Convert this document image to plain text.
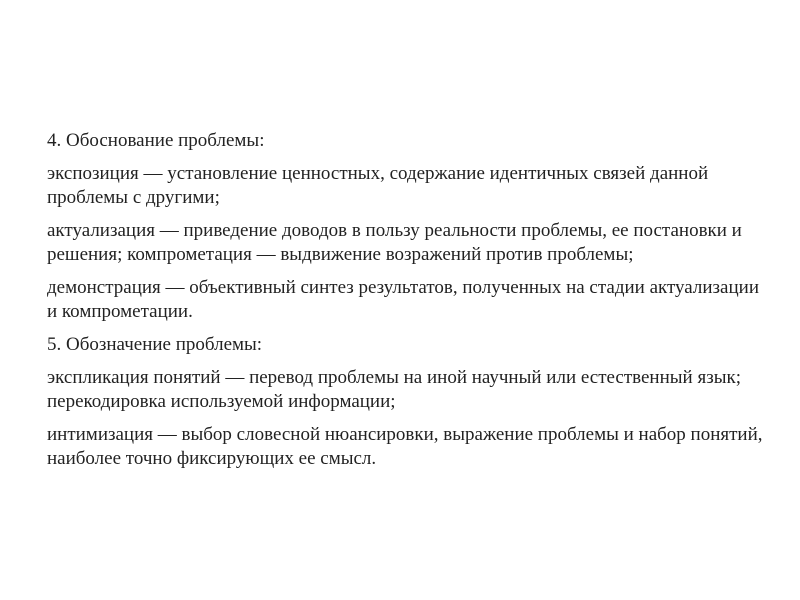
4. Обоснование проблемы:

экспозиция — установление ценностных, содержание идентичных связей данной проблемы с другими;

актуализация — приведение доводов в пользу реальности проблемы, ее постановки и решения; компрометация — выдвижение возражений против проблемы;

демонстрация — объективный синтез результатов, полученных на стадии актуализации и компрометации.

5. Обозначение проблемы:

экспликация понятий — перевод проблемы на иной научный или естественный язык; перекодировка используемой информации;

интимизация — выбор словесной нюансировки, выражение проблемы и набор понятий, наиболее точно фиксирующих ее смысл.
